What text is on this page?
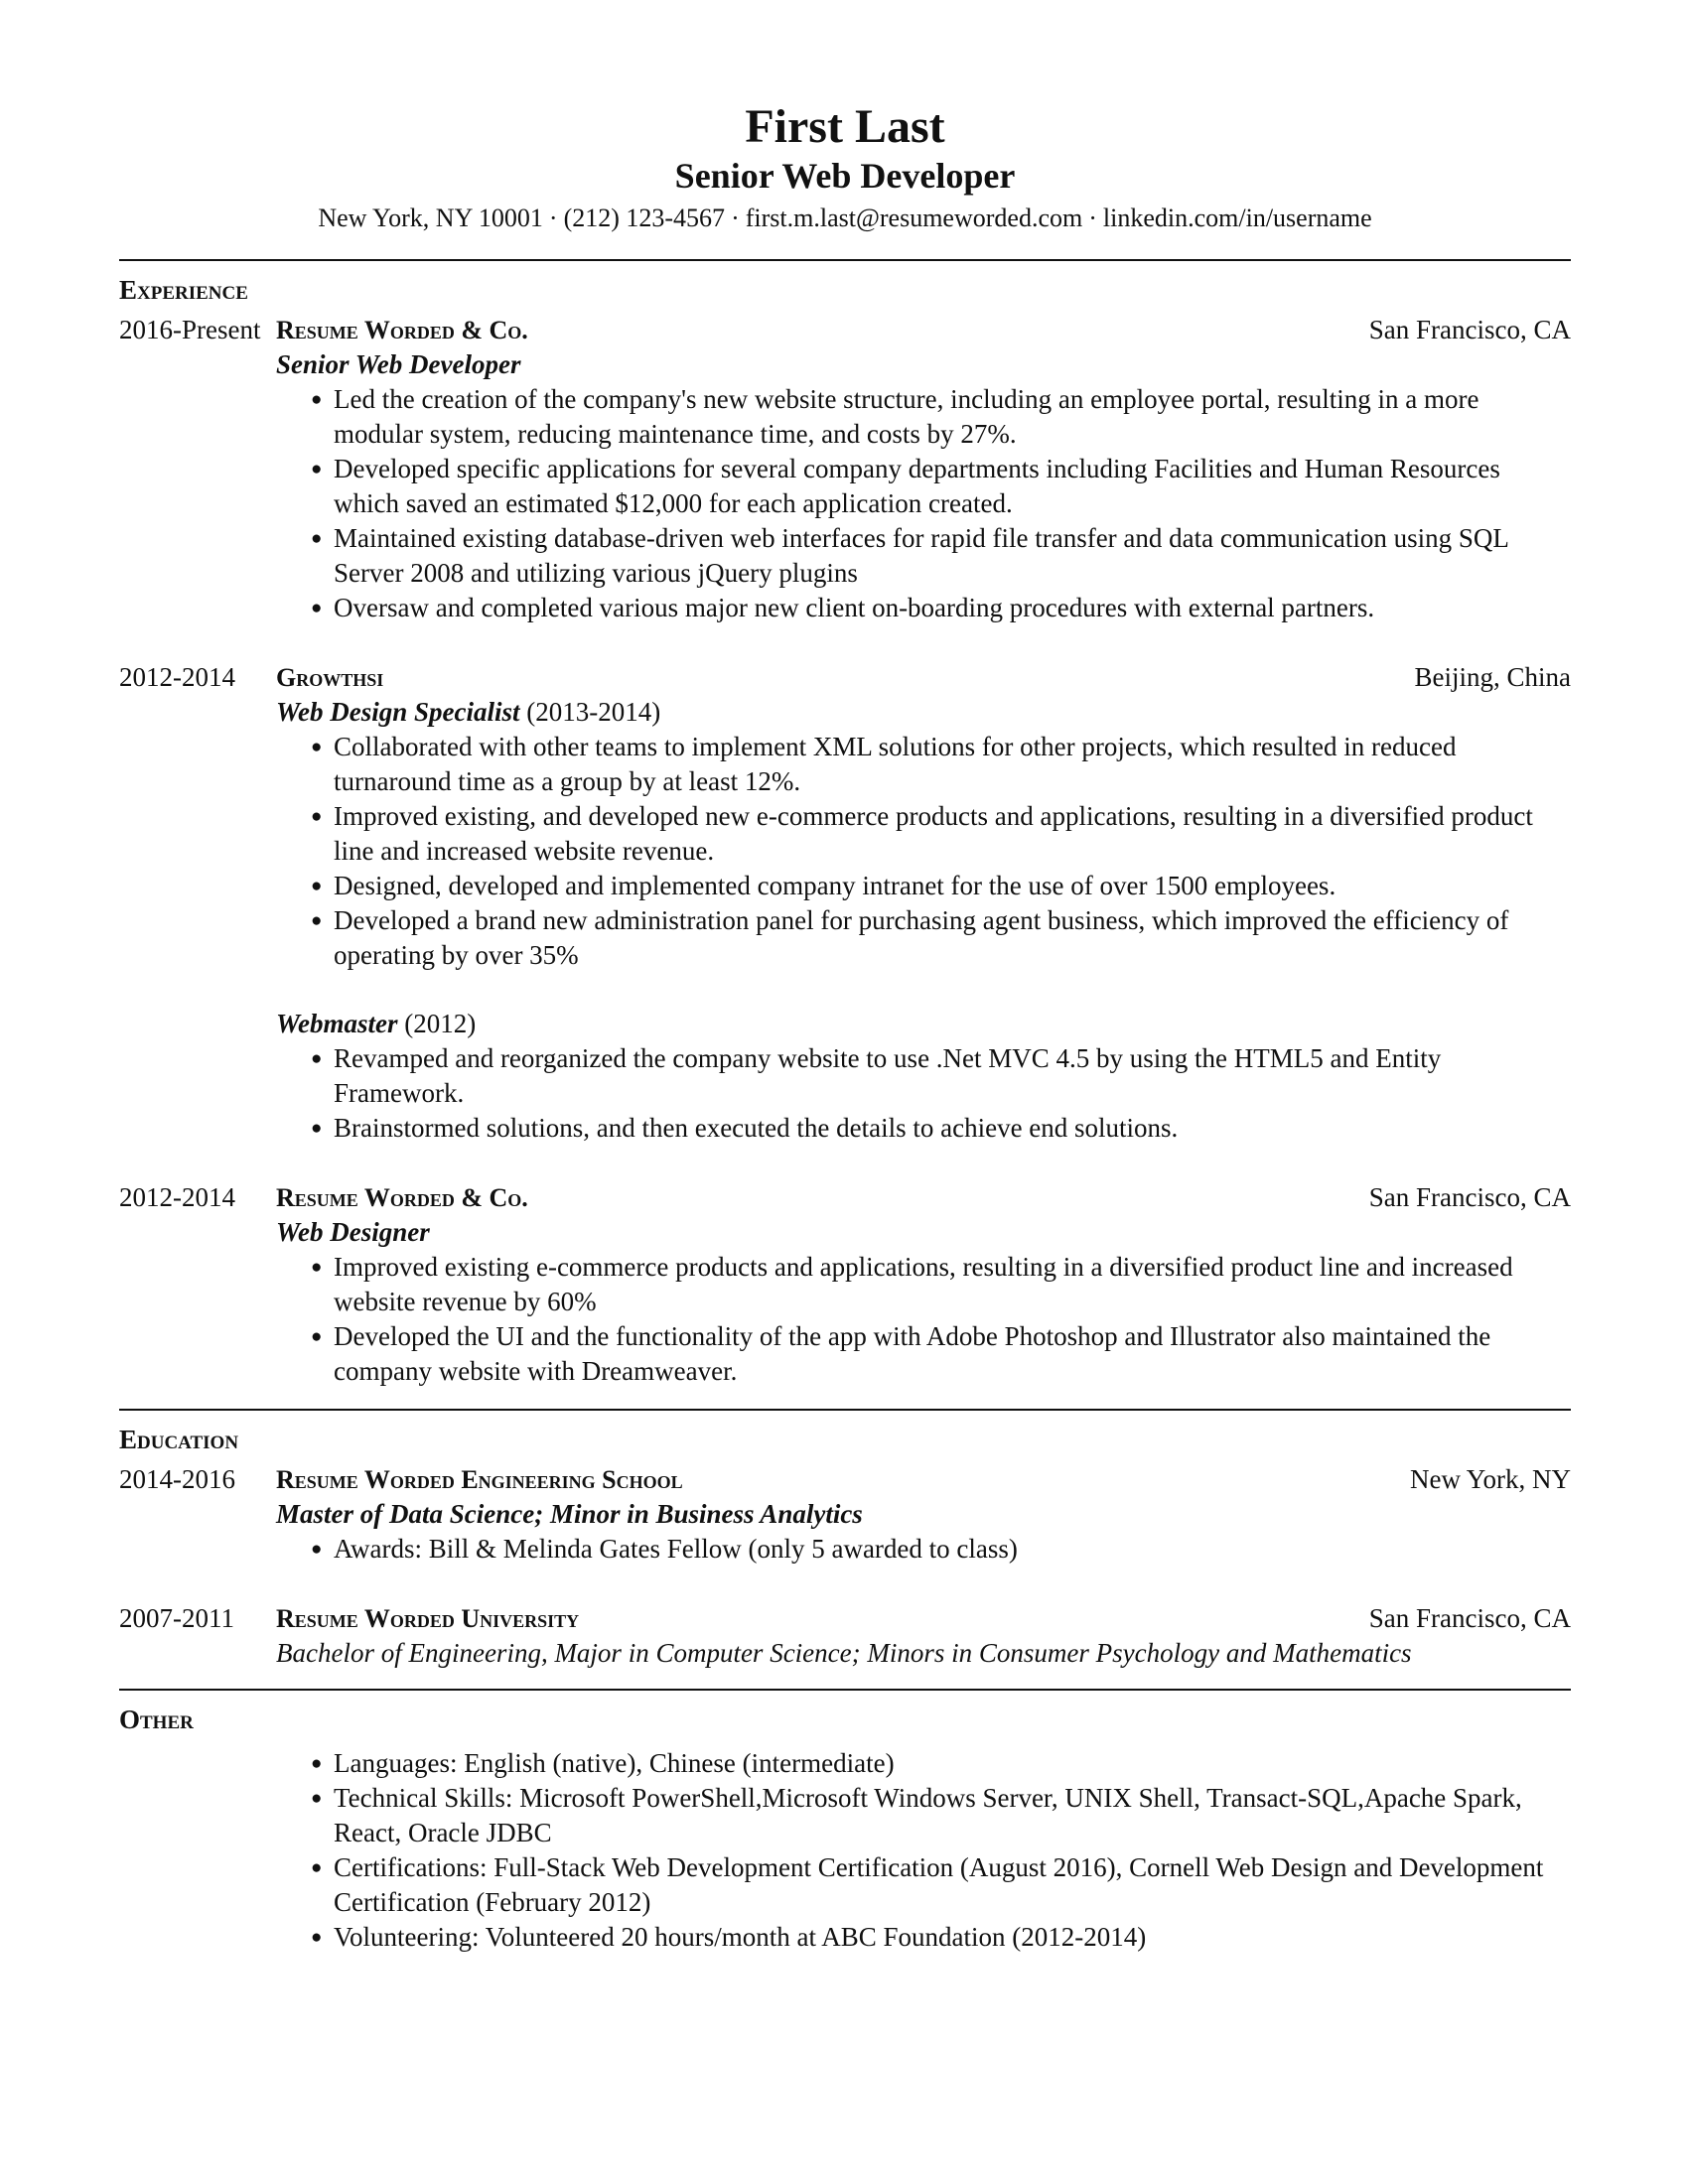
First Last
Senior Web Developer
New York, NY 10001 · (212) 123-4567 · first.m.last@resumeworded.com · linkedin.com/in/username
Experience
2016-Present Resume Worded & Co.	San Francisco, CA
Senior Web Developer
● Led the creation of the company's new website structure, including an employee portal, resulting in a more modular system, reducing maintenance time, and costs by 27%.
● Developed specific applications for several company departments including Facilities and Human Resources which saved an estimated $12,000 for each application created.
● Maintained existing database-driven web interfaces for rapid file transfer and data communication using SQL Server 2008 and utilizing various jQuery plugins
● Oversaw and completed various major new client on-boarding procedures with external partners.
2012-2014 Growthsi	Beijing, China
Web Design Specialist (2013-2014)
● Collaborated with other teams to implement XML solutions for other projects, which resulted in reduced turnaround time as a group by at least 12%.
● Improved existing, and developed new e-commerce products and applications, resulting in a diversified product line and increased website revenue.
● Designed, developed and implemented company intranet for the use of over 1500 employees.
● Developed a brand new administration panel for purchasing agent business, which improved the efficiency of operating by over 35%
Webmaster (2012)
● Revamped and reorganized the company website to use .Net MVC 4.5 by using the HTML5 and Entity Framework.
● Brainstormed solutions, and then executed the details to achieve end solutions.
2012-2014 Resume Worded & Co.	San Francisco, CA
Web Designer
● Improved existing e-commerce products and applications, resulting in a diversified product line and increased website revenue by 60%
● Developed the UI and the functionality of the app with Adobe Photoshop and Illustrator also maintained the company website with Dreamweaver.
Education
2014-2016 Resume Worded Engineering School	New York, NY
Master of Data Science; Minor in Business Analytics
● Awards: Bill & Melinda Gates Fellow (only 5 awarded to class)
2007-2011 Resume Worded University	San Francisco, CA
Bachelor of Engineering, Major in Computer Science; Minors in Consumer Psychology and Mathematics
Other
● Languages: English (native), Chinese (intermediate)
● Technical Skills: Microsoft PowerShell,Microsoft Windows Server, UNIX Shell, Transact-SQL,Apache Spark, React, Oracle JDBC
● Certifications: Full-Stack Web Development Certification (August 2016), Cornell Web Design and Development Certification (February 2012)
● Volunteering: Volunteered 20 hours/month at ABC Foundation (2012-2014)
